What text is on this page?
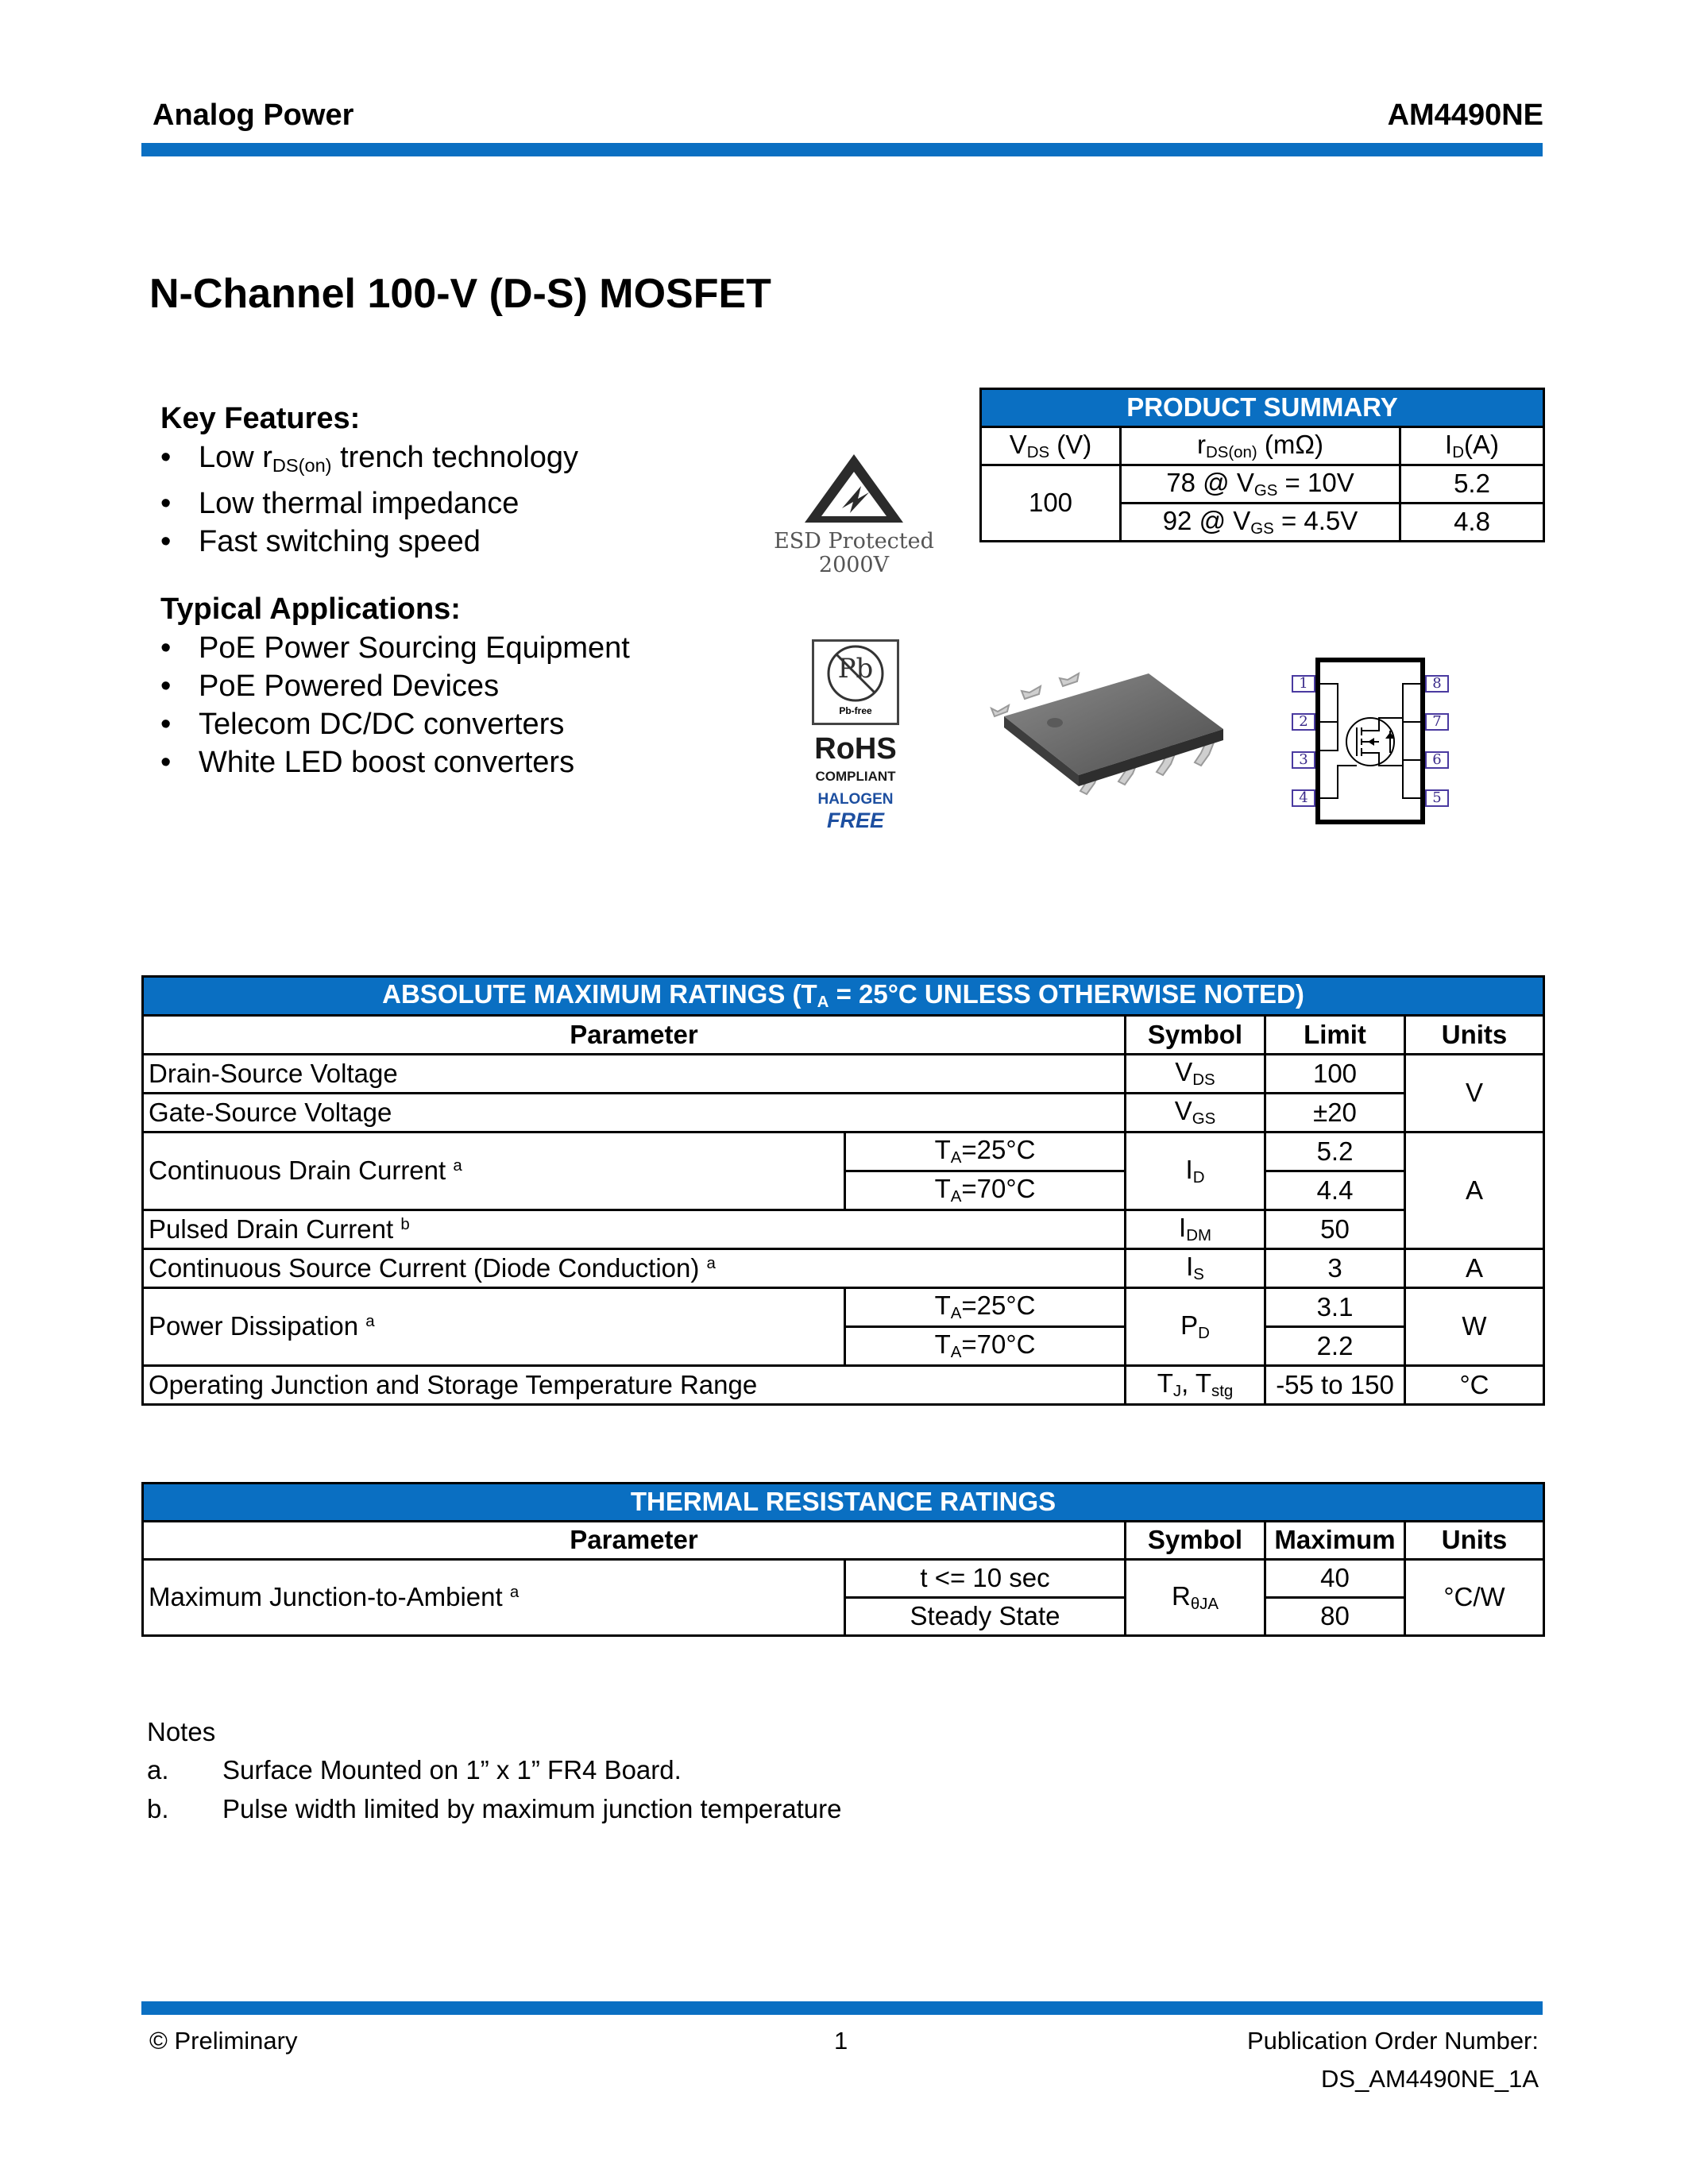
Analog Power	AM4490NE
N-Channel 100-V (D-S) MOSFET
Key Features:
• Low $r_{DS(on)}$ trench technology
• Low thermal impedance
• Fast switching speed
Typical Applications:
• PoE Power Sourcing Equipment
• PoE Powered Devices
• Telecom DC/DC converters
• White LED boost converters
ESD Protected
2000V
Pb
Pb-free
RoHS
COMPLIANT
HALOGEN
FREE
1
2
3
4
8
7
6
5
PRODUCT SUMMARY		
$V_{DS}$ (V)	$r_{DS(on)}$ (mΩ)	$I_D(A)$
100	78 @ $V_{GS} = 10V$	5.2
	92 @ $V_{GS} = 4.5V$	4.8
ABSOLUTE MAXIMUM RATINGS ($T_A = 25^\circ C$ UNLESS OTHERWISE NOTED)				
Parameter		Symbol	Limit	Units
Drain-Source Voltage		$V_{DS}$	100	V
Gate-Source Voltage		$V_{GS}$	±20	
Continuous Drain Current $^a$	$T_A=25^\circ C$	$I_D$	5.2	A
	$T_A=70^\circ C$		4.4	
Pulsed Drain Current $^b$		$I_{DM}$	50	
Continuous Source Current (Diode Conduction) $^a$		$I_S$	3	A
Power Dissipation $^a$	$T_A=25^\circ C$	$P_D$	3.1	W
	$T_A=70^\circ C$		2.2	
Operating Junction and Storage Temperature Range		$T_J$, $T_{stg}$	-55 to 150	°C
THERMAL RESISTANCE RATINGS				
Parameter		Symbol	Maximum	Units
Maximum Junction-to-Ambient $^a$	t <= 10 sec	$R_{\theta JA}$	40	°C/W
	Steady State		80	
Notes
a. Surface Mounted on 1” x 1” FR4 Board.
b. Pulse width limited by maximum junction temperature
© Preliminary	1	Publication Order Number:
DS_AM4490NE_1A
